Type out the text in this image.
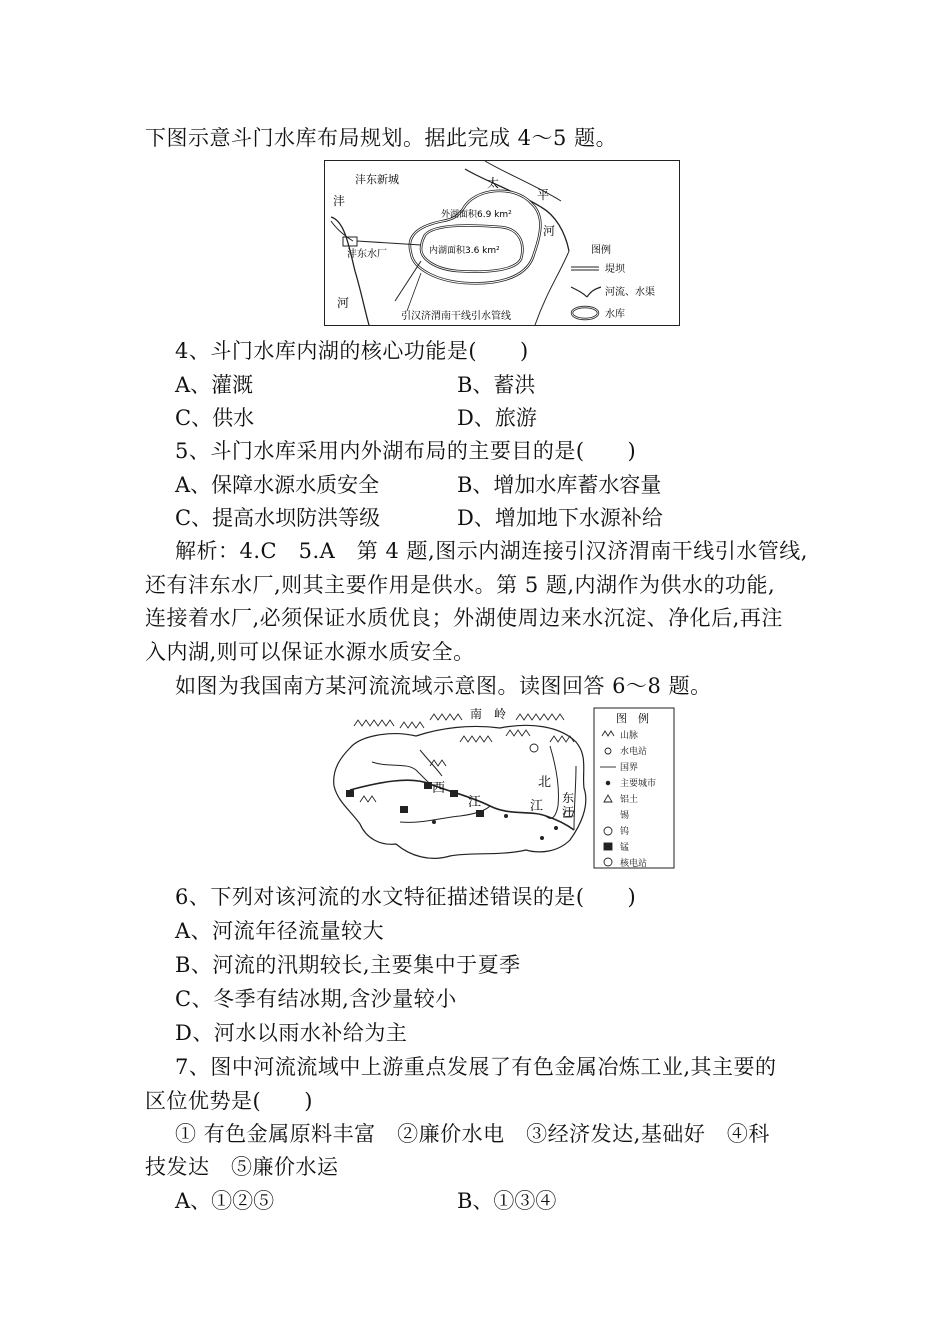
下图示意斗门水库布局规划。据此完成 4～5 题。
沣东新城
沣
河
太
平
河
外湖面积6.9 km²
内湖面积3.6 km²
沣东水厂
引汉济渭南干线引水管线
图例
堤坝
河流、水渠
水库
4、斗门水库内湖的核心功能是(　　)
A、灌溉	B、蓄洪
C、供水	D、旅游
5、斗门水库采用内外湖布局的主要目的是(　　)
A、保障水源水质安全	B、增加水库蓄水容量
C、提高水坝防洪等级	D、增加地下水源补给
解析：4.C　5.A　第 4 题,图示内湖连接引汉济渭南干线引水管线,
还有沣东水厂,则其主要作用是供水。第 5 题,内湖作为供水的功能,
连接着水厂,必须保证水质优良；外湖使周边来水沉淀、净化后,再注
入内湖,则可以保证水源水质安全。
如图为我国南方某河流流域示意图。读图回答 6～8 题。
南　岭
西
江
北
江
东
江
图　例
山脉
水电站
国界
主要城市
铝土
锡
钨
锰
核电站
6、下列对该河流的水文特征描述错误的是(　　)
A、河流年径流量较大
B、河流的汛期较长,主要集中于夏季
C、冬季有结冰期,含沙量较小
D、河水以雨水补给为主
7、图中河流流域中上游重点发展了有色金属冶炼工业,其主要的
区位优势是(　　)
① 有色金属原料丰富　②廉价水电　③经济发达,基础好　④科
技发达　⑤廉价水运
A、①②⑤	B、①③④
